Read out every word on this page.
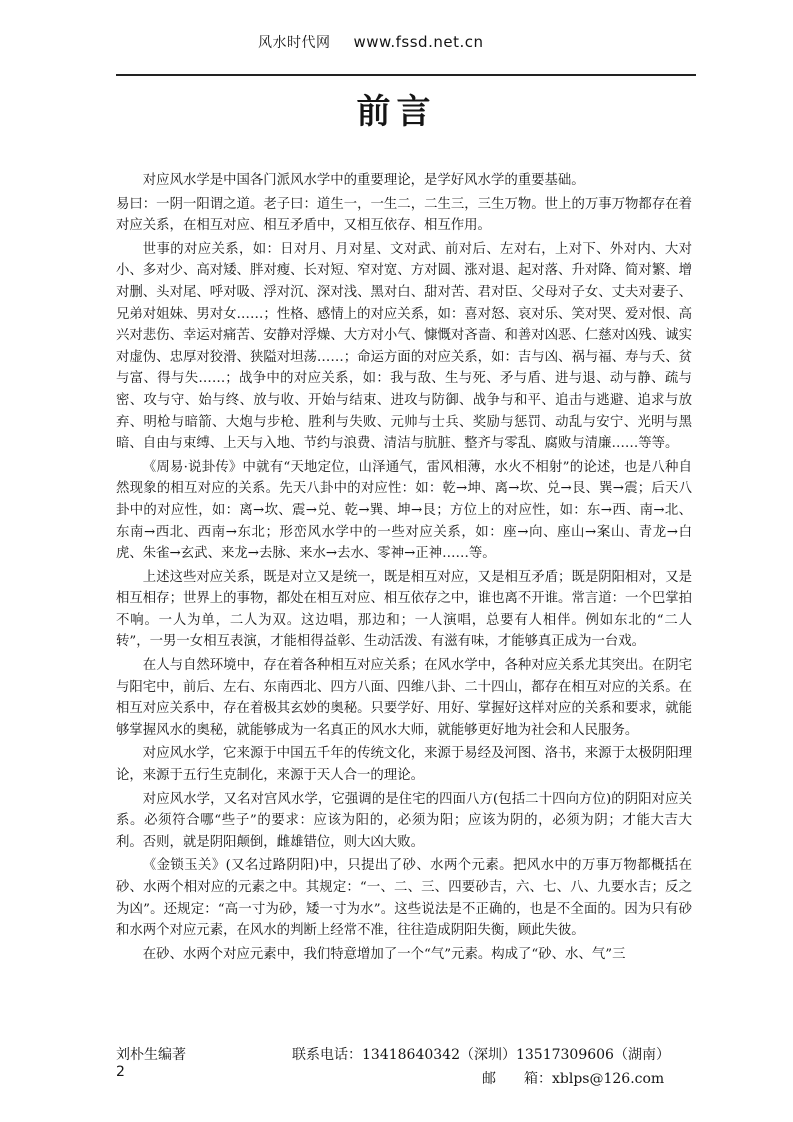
风水时代网 www.fssd.net.cn
前言

对应风水学是中国各门派风水学中的重要理论，是学好风水学的重要基础。

易曰：一阴一阳谓之道。老子曰：道生一，一生二，二生三，三生万物。世上的万事万物都存在着对应关系，在相互对应、相互矛盾中，又相互依存、相互作用。

世事的对应关系，如：日对月、月对星、文对武、前对后、左对右，上对下、外对内、大对小、多对少、高对矮、胖对瘦、长对短、窄对宽、方对圆、涨对退、起对落、升对降、简对繁、增对删、头对尾、呼对吸、浮对沉、深对浅、黑对白、甜对苦、君对臣、父母对子女、丈夫对妻子、兄弟对姐妹、男对女……；性格、感情上的对应关系，如：喜对怒、哀对乐、笑对哭、爱对恨、高兴对悲伤、幸运对痛苦、安静对浮燥、大方对小气、慷慨对吝啬、和善对凶恶、仁慈对凶残、诚实对虚伪、忠厚对狡滑、狭隘对坦荡……；命运方面的对应关系，如：吉与凶、祸与福、寿与夭、贫与富、得与失……；战争中的对应关系，如：我与敌、生与死、矛与盾、进与退、动与静、疏与密、攻与守、始与终、放与收、开始与结束、进攻与防御、战争与和平、追击与逃避、追求与放弃、明枪与暗箭、大炮与步枪、胜利与失败、元帅与士兵、奖励与惩罚、动乱与安宁、光明与黑暗、自由与束缚、上天与入地、节约与浪费、清洁与肮脏、整齐与零乱、腐败与清廉……等等。

《周易·说卦传》中就有“天地定位，山泽通气，雷风相薄，水火不相射”的论述，也是八种自然现象的相互对应的关系。先天八卦中的对应性：如：乾→坤、离→坎、兑→艮、巽→震；后天八卦中的对应性，如：离→坎、震→兑、乾→巽、坤→艮；方位上的对应性，如：东→西、南→北、东南→西北、西南→东北；形峦风水学中的一些对应关系，如：座→向、座山→案山、青龙→白虎、朱雀→玄武、来龙→去脉、来水→去水、零神→正神……等。

上述这些对应关系，既是对立又是统一，既是相互对应，又是相互矛盾；既是阴阳相对，又是相互相存；世界上的事物，都处在相互对应、相互依存之中，谁也离不开谁。常言道：一个巴掌拍不响。一人为单，二人为双。这边唱，那边和；一人演唱，总要有人相伴。例如东北的“二人转”，一男一女相互表演，才能相得益彰、生动活泼、有滋有味，才能够真正成为一台戏。

在人与自然环境中，存在着各种相互对应关系；在风水学中，各种对应关系尤其突出。在阴宅与阳宅中，前后、左右、东南西北、四方八面、四维八卦、二十四山，都存在相互对应的关系。在相互对应关系中，存在着极其玄妙的奥秘。只要学好、用好、掌握好这样对应的关系和要求，就能够掌握风水的奥秘，就能够成为一名真正的风水大师，就能够更好地为社会和人民服务。

对应风水学，它来源于中国五千年的传统文化，来源于易经及河图、洛书，来源于太极阴阳理论，来源于五行生克制化，来源于天人合一的理论。

对应风水学，又名对宫风水学，它强调的是住宅的四面八方(包括二十四向方位)的阴阳对应关系。必须符合哪“些子”的要求：应该为阳的，必须为阳；应该为阴的，必须为阴；才能大吉大利。否则，就是阴阳颠倒，雌雄错位，则大凶大败。

《金锁玉关》(又名过路阴阳)中，只提出了砂、水两个元素。把风水中的万事万物都概括在砂、水两个相对应的元素之中。其规定：“一、二、三、四要砂吉，六、七、八、九要水吉；反之为凶”。还规定：“高一寸为砂，矮一寸为水”。这些说法是不正确的，也是不全面的。因为只有砂和水两个对应元素，在风水的判断上经常不准，往往造成阴阳失衡，顾此失彼。

在砂、水两个对应元素中，我们特意增加了一个“气”元素。构成了“砂、水、气”三

刘朴生编著
2
联系电话：13418640342（深圳）13517309606（湖南）
邮　　箱：xblps@126.com
